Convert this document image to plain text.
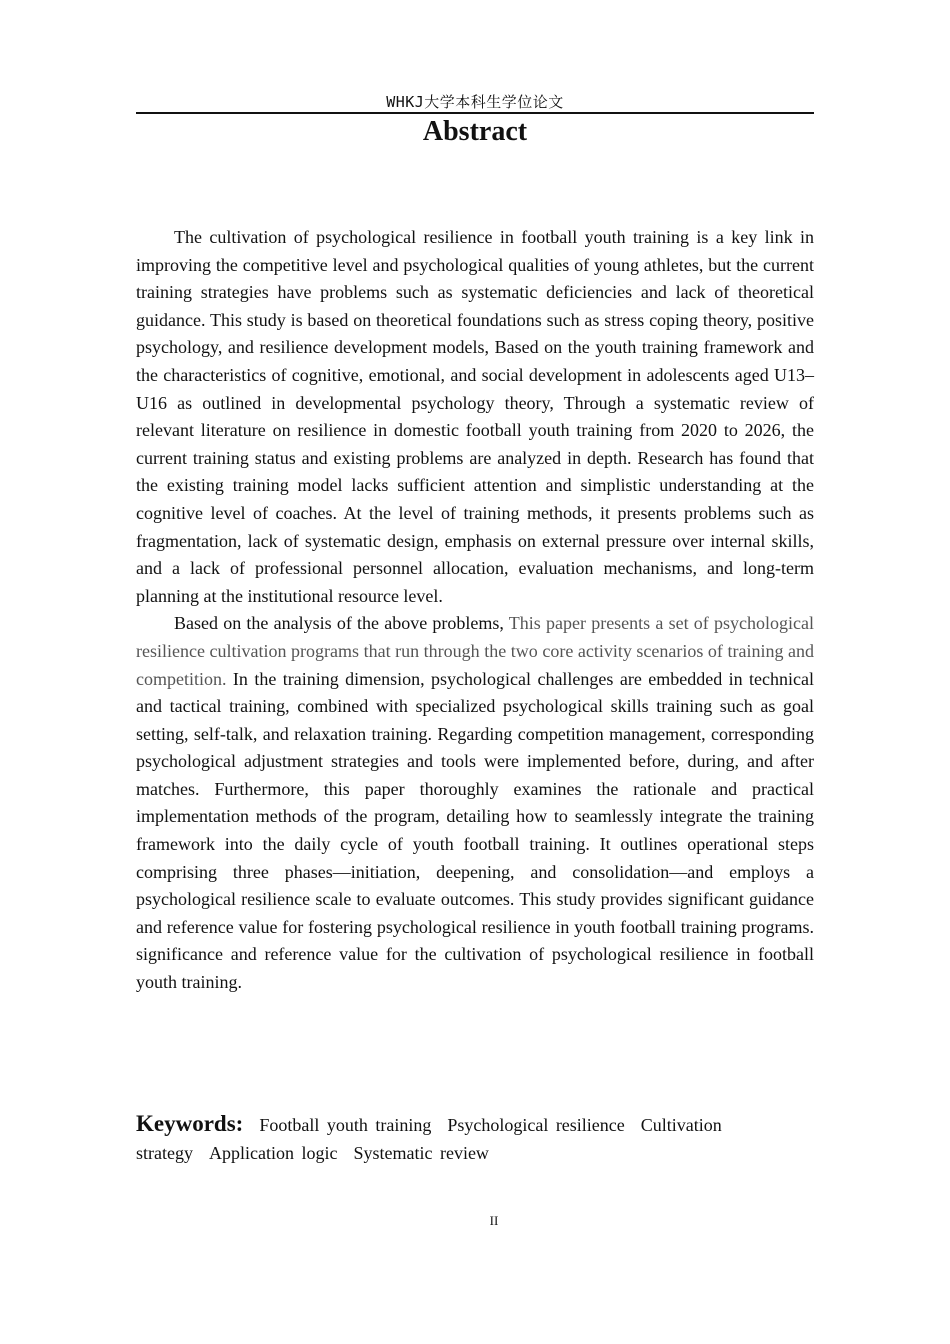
WHKJ大学本科生学位论文
Abstract

The cultivation of psychological resilience in football youth training is a key link in improving the competitive level and psychological qualities of young athletes, but the current training strategies have problems such as systematic deficiencies and lack of theoretical guidance. This study is based on theoretical foundations such as stress coping theory, positive psychology, and resilience development models, Based on the youth training framework and the characteristics of cognitive, emotional, and social development in adolescents aged U13–U16 as outlined in developmental psychology theory, Through a systematic review of relevant literature on resilience in domestic football youth training from 2020 to 2026, the current training status and existing problems are analyzed in depth. Research has found that the existing training model lacks sufficient attention and simplistic understanding at the cognitive level of coaches. At the level of training methods, it presents problems such as fragmentation, lack of systematic design, emphasis on external pressure over internal skills, and a lack of professional personnel allocation, evaluation mechanisms, and long-term planning at the institutional resource level.

Based on the analysis of the above problems, This paper presents a set of psychological resilience cultivation programs that run through the two core activity scenarios of training and competition. In the training dimension, psychological challenges are embedded in technical and tactical training, combined with specialized psychological skills training such as goal setting, self-talk, and relaxation training. Regarding competition management, corresponding psychological adjustment strategies and tools were implemented before, during, and after matches. Furthermore, this paper thoroughly examines the rationale and practical implementation methods of the program, detailing how to seamlessly integrate the training framework into the daily cycle of youth football training. It outlines operational steps comprising three phases—initiation, deepening, and consolidation—and employs a psychological resilience scale to evaluate outcomes. This study provides significant guidance and reference value for fostering psychological resilience in youth football training programs. significance and reference value for the cultivation of psychological resilience in football youth training.

Keywords: Football youth training Psychological resilience Cultivation strategy Application logic Systematic review
II
